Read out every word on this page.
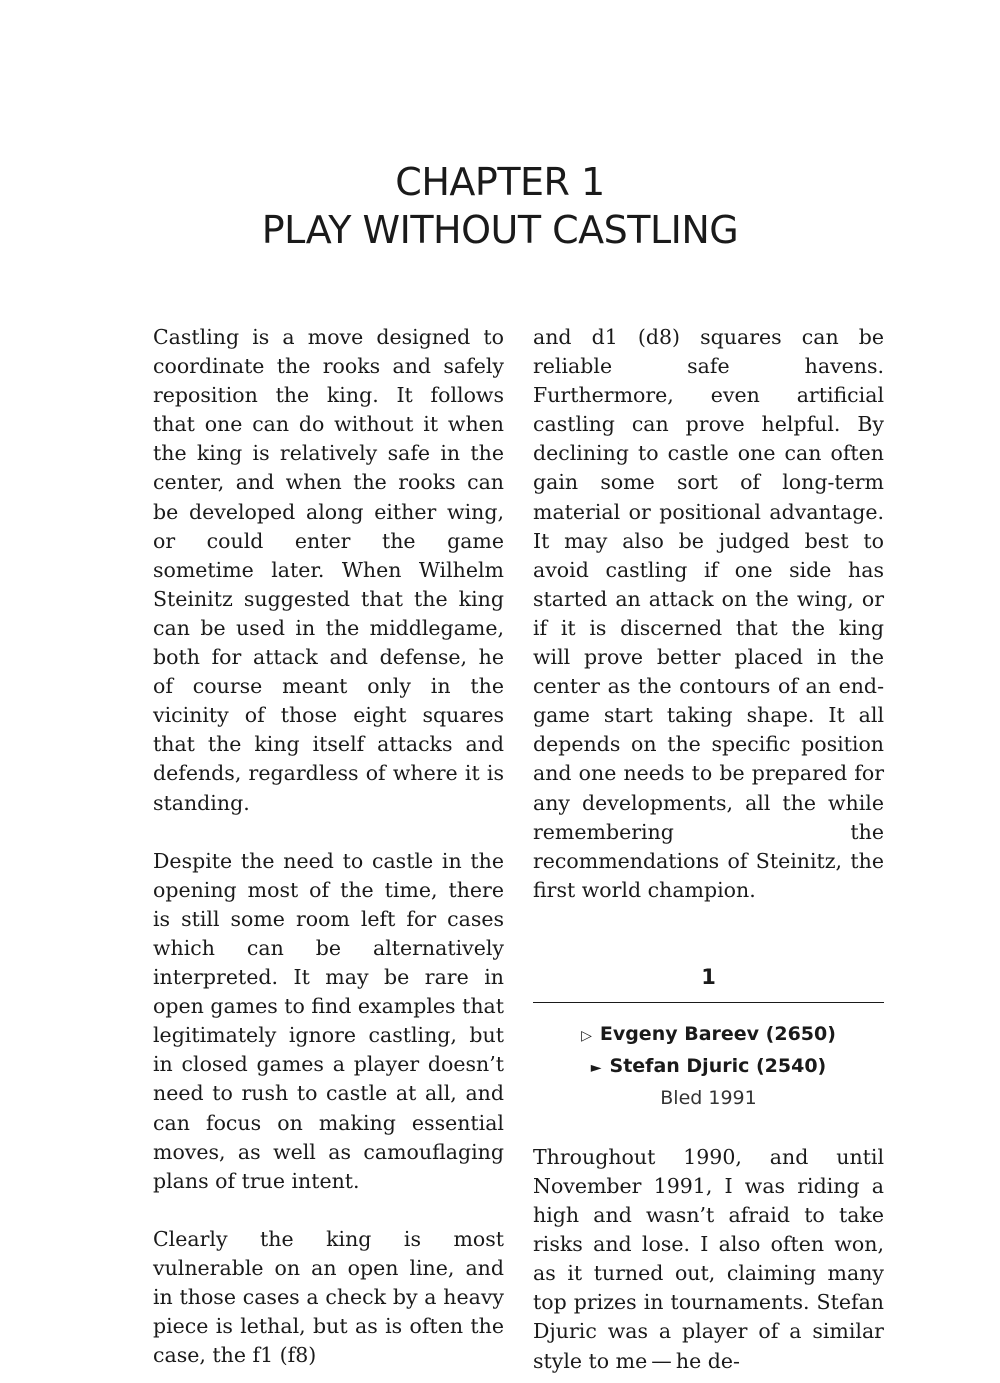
CHAPTER 1
PLAY WITHOUT CASTLING

Castling is a move designed to coordinate the rooks and safely reposition the king. It follows that one can do without it when the king is relatively safe in the center, and when the rooks can be developed along either wing, or could enter the game sometime later. When Wilhelm Steinitz suggested that the king can be used in the middlegame, both for attack and defense, he of course meant only in the vicinity of those eight squares that the king itself attacks and defends, regardless of where it is standing.

Despite the need to castle in the opening most of the time, there is still some room left for cases which can be alternatively interpreted. It may be rare in open games to find examples that legitimately ignore castling, but in closed games a player doesn’t need to rush to castle at all, and can focus on making essential moves, as well as camouflaging plans of true intent.

Clearly the king is most vulnerable on an open line, and in those cases a check by a heavy piece is lethal, but as is often the case, the f1 (f8)

and d1 (d8) squares can be reliable safe havens. Furthermore, even artificial castling can prove helpful. By declining to castle one can often gain some sort of long-term material or positional advantage. It may also be judged best to avoid castling if one side has started an attack on the wing, or if it is discerned that the king will prove better placed in the center as the contours of an endgame start taking shape. It all depends on the specific position and one needs to be prepared for any developments, all the while remembering the recommendations of Steinitz, the first world champion.

1
▷ Evgeny Bareev (2650)
► Stefan Djuric (2540)
Bled 1991

Throughout 1990, and until November 1991, I was riding a high and wasn’t afraid to take risks and lose. I also often won, as it turned out, claiming many top prizes in tournaments. Stefan Djuric was a player of a similar style to me — he de-
